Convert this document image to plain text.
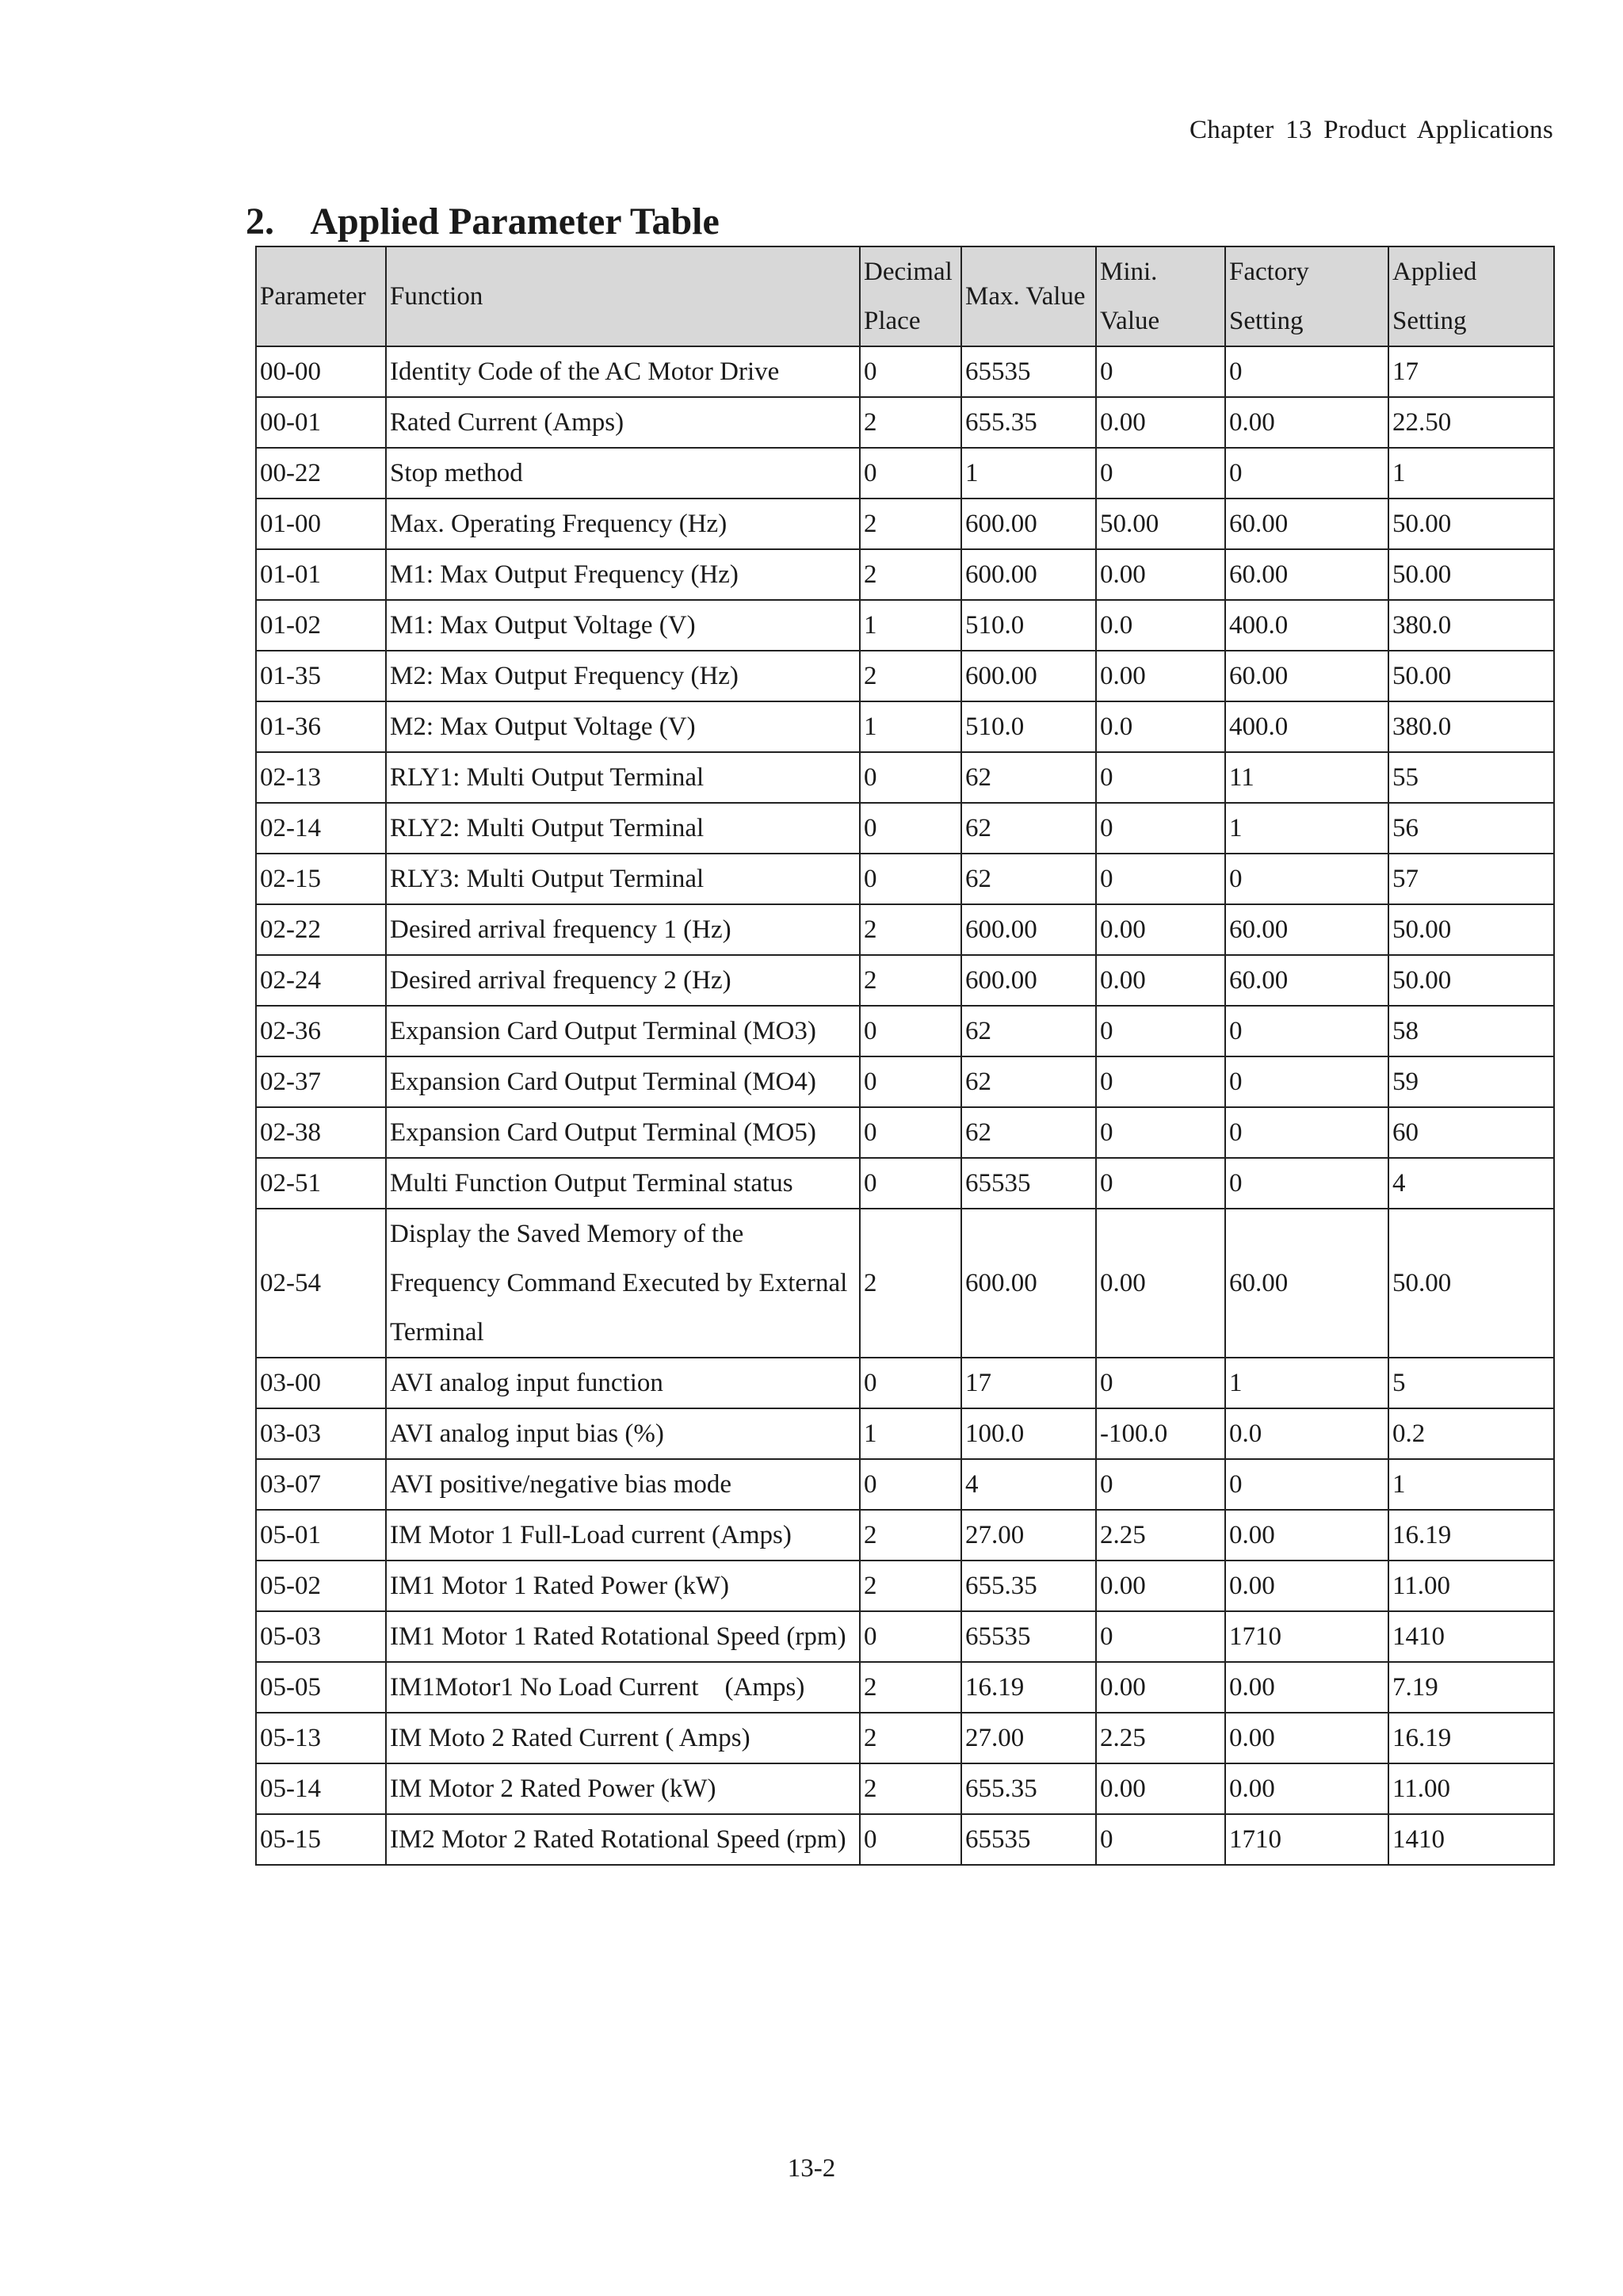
Chapter 13 Product Applications
2.    Applied Parameter Table
Parameter	Function	Decimal Place	Max. Value	Mini. Value	Factory Setting	Applied Setting
00-00	Identity Code of the AC Motor Drive	0	65535	0	0	17
00-01	Rated Current (Amps)	2	655.35	0.00	0.00	22.50
00-22	Stop method	0	1	0	0	1
01-00	Max. Operating Frequency (Hz)	2	600.00	50.00	60.00	50.00
01-01	M1: Max Output Frequency (Hz)	2	600.00	0.00	60.00	50.00
01-02	M1: Max Output Voltage (V)	1	510.0	0.0	400.0	380.0
01-35	M2: Max Output Frequency (Hz)	2	600.00	0.00	60.00	50.00
01-36	M2: Max Output Voltage (V)	1	510.0	0.0	400.0	380.0
02-13	RLY1: Multi Output Terminal	0	62	0	11	55
02-14	RLY2: Multi Output Terminal	0	62	0	1	56
02-15	RLY3: Multi Output Terminal	0	62	0	0	57
02-22	Desired arrival frequency 1 (Hz)	2	600.00	0.00	60.00	50.00
02-24	Desired arrival frequency 2 (Hz)	2	600.00	0.00	60.00	50.00
02-36	Expansion Card Output Terminal (MO3)	0	62	0	0	58
02-37	Expansion Card Output Terminal (MO4)	0	62	0	0	59
02-38	Expansion Card Output Terminal (MO5)	0	62	0	0	60
02-51	Multi Function Output Terminal status	0	65535	0	0	4
02-54	Display the Saved Memory of the Frequency Command Executed by External Terminal	2	600.00	0.00	60.00	50.00
03-00	AVI analog input function	0	17	0	1	5
03-03	AVI analog input bias (%)	1	100.0	-100.0	0.0	0.2
03-07	AVI positive/negative bias mode	0	4	0	0	1
05-01	IM Motor 1 Full-Load current (Amps)	2	27.00	2.25	0.00	16.19
05-02	IM1 Motor 1 Rated Power (kW)	2	655.35	0.00	0.00	11.00
05-03	IM1 Motor 1 Rated Rotational Speed (rpm)	0	65535	0	1710	1410
05-05	IM1Motor1 No Load Current    (Amps)	2	16.19	0.00	0.00	7.19
05-13	IM Moto 2 Rated Current ( Amps)	2	27.00	2.25	0.00	16.19
05-14	IM Motor 2 Rated Power (kW)	2	655.35	0.00	0.00	11.00
05-15	IM2 Motor 2 Rated Rotational Speed (rpm)	0	65535	0	1710	1410
13-2
